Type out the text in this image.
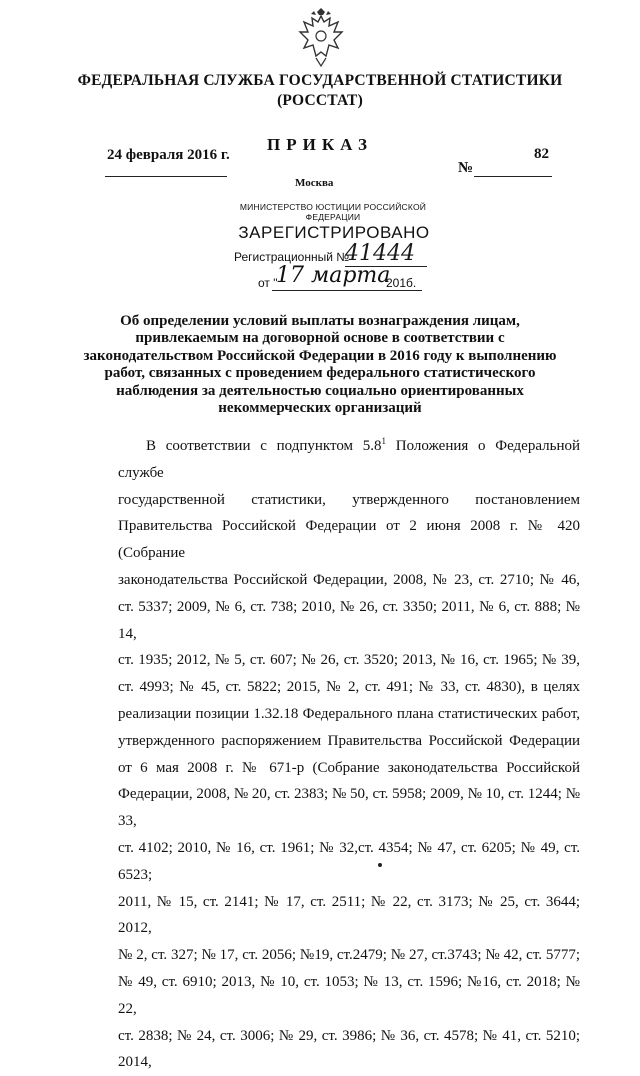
ФЕДЕРАЛЬНАЯ СЛУЖБА ГОСУДАРСТВЕННОЙ СТАТИСТИКИ
(РОССТАТ)
24 февраля 2016 г.
ПРИКАЗ
№
82
Москва
МИНИСТЕРСТВО ЮСТИЦИИ РОССИЙСКОЙ ФЕДЕРАЦИИ
ЗАРЕГИСТРИРОВАНО
Регистрационный №
41444
от "
17 марта
201б.
Об определении условий выплаты вознаграждения лицам,
привлекаемым на договорной основе в соответствии с
законодательством Российской Федерации в 2016 году к выполнению
работ, связанных с проведением федерального статистического
наблюдения за деятельностью социально ориентированных
некоммерческих организаций

В соответствии с подпунктом $5.8^1$ Положения о Федеральной службе

государственной статистики, утвержденного постановлением

Правительства Российской Федерации от 2 июня 2008 г. № 420 (Собрание

законодательства Российской Федерации, 2008, № 23, ст. 2710; № 46,

ст. 5337; 2009, № 6, ст. 738; 2010, № 26, ст. 3350; 2011, № 6, ст. 888; № 14,

ст. 1935; 2012, № 5, ст. 607; № 26, ст. 3520; 2013, № 16, ст. 1965; № 39,

ст. 4993; № 45, ст. 5822; 2015, № 2, ст. 491; № 33, ст. 4830), в целях

реализации позиции 1.32.18 Федерального плана статистических работ,

утвержденного распоряжением Правительства Российской Федерации

от 6 мая 2008 г. № 671-р (Собрание законодательства Российской

Федерации, 2008, № 20, ст. 2383; № 50, ст. 5958; 2009, № 10, ст. 1244; № 33,

ст. 4102; 2010, № 16, ст. 1961; № 32,ст. 4354; № 47, ст. 6205; № 49, ст. 6523;

2011, № 15, ст. 2141; № 17, ст. 2511; № 22, ст. 3173; № 25, ст. 3644; 2012,

№ 2, ст. 327; № 17, ст. 2056; №19, ст.2479; № 27, ст.3743; № 42, ст. 5777;

№ 49, ст. 6910; 2013, № 10, ст. 1053; № 13, ст. 1596; №16, ст. 2018; № 22,

ст. 2838; № 24, ст. 3006; № 29, ст. 3986; № 36, ст. 4578; № 41, ст. 5210; 2014,
